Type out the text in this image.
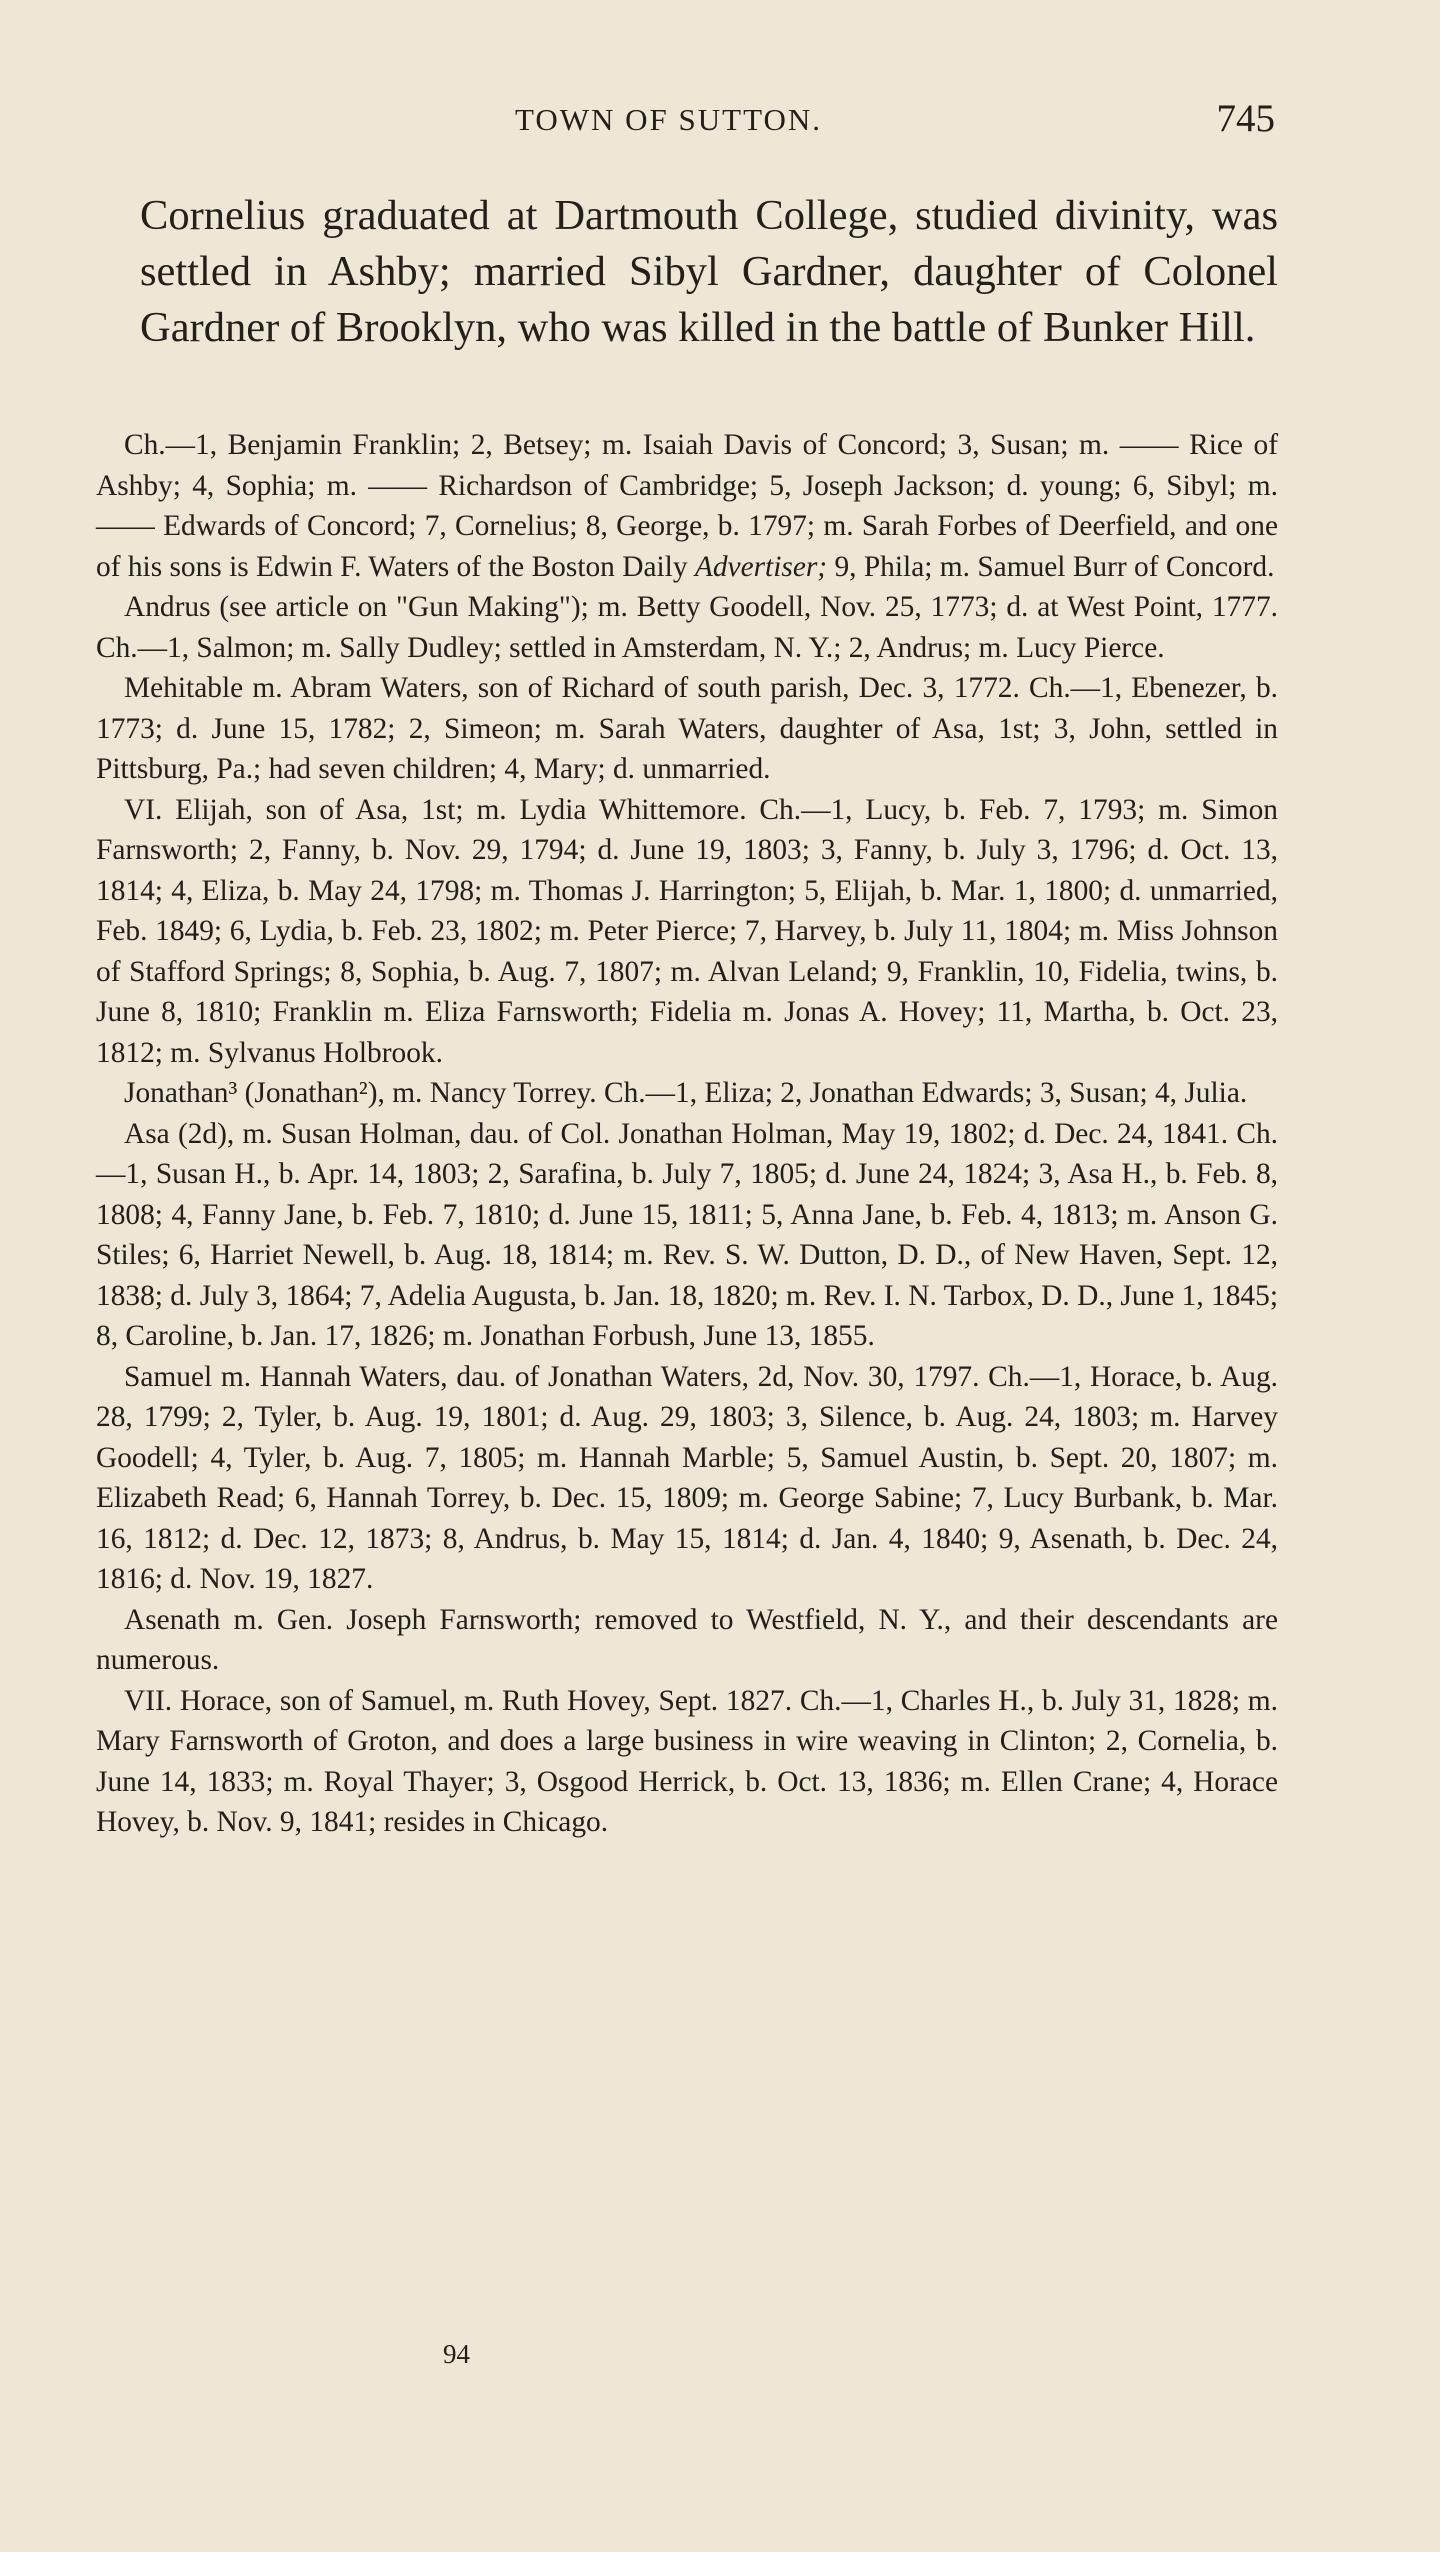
TOWN OF SUTTON.	745

Cornelius graduated at Dartmouth College, studied divinity, was settled in Ashby; married Sibyl Gardner, daughter of Colonel Gardner of Brooklyn, who was killed in the battle of Bunker Hill.

Ch.—1, Benjamin Franklin; 2, Betsey; m. Isaiah Davis of Concord; 3, Susan; m. —— Rice of Ashby; 4, Sophia; m. —— Richardson of Cambridge; 5, Joseph Jackson; d. young; 6, Sibyl; m. —— Edwards of Concord; 7, Cornelius; 8, George, b. 1797; m. Sarah Forbes of Deerfield, and one of his sons is Edwin F. Waters of the Boston Daily Advertiser; 9, Phila; m. Samuel Burr of Concord.

Andrus (see article on "Gun Making"); m. Betty Goodell, Nov. 25, 1773; d. at West Point, 1777. Ch.—1, Salmon; m. Sally Dudley; settled in Amsterdam, N. Y.; 2, Andrus; m. Lucy Pierce.

Mehitable m. Abram Waters, son of Richard of south parish, Dec. 3, 1772. Ch.—1, Ebenezer, b. 1773; d. June 15, 1782; 2, Simeon; m. Sarah Waters, daughter of Asa, 1st; 3, John, settled in Pittsburg, Pa.; had seven children; 4, Mary; d. unmarried.

VI. Elijah, son of Asa, 1st; m. Lydia Whittemore. Ch.—1, Lucy, b. Feb. 7, 1793; m. Simon Farnsworth; 2, Fanny, b. Nov. 29, 1794; d. June 19, 1803; 3, Fanny, b. July 3, 1796; d. Oct. 13, 1814; 4, Eliza, b. May 24, 1798; m. Thomas J. Harrington; 5, Elijah, b. Mar. 1, 1800; d. unmarried, Feb. 1849; 6, Lydia, b. Feb. 23, 1802; m. Peter Pierce; 7, Harvey, b. July 11, 1804; m. Miss Johnson of Stafford Springs; 8, Sophia, b. Aug. 7, 1807; m. Alvan Leland; 9, Franklin, 10, Fidelia, twins, b. June 8, 1810; Franklin m. Eliza Farnsworth; Fidelia m. Jonas A. Hovey; 11, Martha, b. Oct. 23, 1812; m. Sylvanus Holbrook.

Jonathan³ (Jonathan²), m. Nancy Torrey. Ch.—1, Eliza; 2, Jonathan Edwards; 3, Susan; 4, Julia.

Asa (2d), m. Susan Holman, dau. of Col. Jonathan Holman, May 19, 1802; d. Dec. 24, 1841. Ch.—1, Susan H., b. Apr. 14, 1803; 2, Sarafina, b. July 7, 1805; d. June 24, 1824; 3, Asa H., b. Feb. 8, 1808; 4, Fanny Jane, b. Feb. 7, 1810; d. June 15, 1811; 5, Anna Jane, b. Feb. 4, 1813; m. Anson G. Stiles; 6, Harriet Newell, b. Aug. 18, 1814; m. Rev. S. W. Dutton, D. D., of New Haven, Sept. 12, 1838; d. July 3, 1864; 7, Adelia Augusta, b. Jan. 18, 1820; m. Rev. I. N. Tarbox, D. D., June 1, 1845; 8, Caroline, b. Jan. 17, 1826; m. Jonathan Forbush, June 13, 1855.

Samuel m. Hannah Waters, dau. of Jonathan Waters, 2d, Nov. 30, 1797. Ch.—1, Horace, b. Aug. 28, 1799; 2, Tyler, b. Aug. 19, 1801; d. Aug. 29, 1803; 3, Silence, b. Aug. 24, 1803; m. Harvey Goodell; 4, Tyler, b. Aug. 7, 1805; m. Hannah Marble; 5, Samuel Austin, b. Sept. 20, 1807; m. Elizabeth Read; 6, Hannah Torrey, b. Dec. 15, 1809; m. George Sabine; 7, Lucy Burbank, b. Mar. 16, 1812; d. Dec. 12, 1873; 8, Andrus, b. May 15, 1814; d. Jan. 4, 1840; 9, Asenath, b. Dec. 24, 1816; d. Nov. 19, 1827.

Asenath m. Gen. Joseph Farnsworth; removed to Westfield, N. Y., and their descendants are numerous.

VII. Horace, son of Samuel, m. Ruth Hovey, Sept. 1827. Ch.—1, Charles H., b. July 31, 1828; m. Mary Farnsworth of Groton, and does a large business in wire weaving in Clinton; 2, Cornelia, b. June 14, 1833; m. Royal Thayer; 3, Osgood Herrick, b. Oct. 13, 1836; m. Ellen Crane; 4, Horace Hovey, b. Nov. 9, 1841; resides in Chicago.

94
